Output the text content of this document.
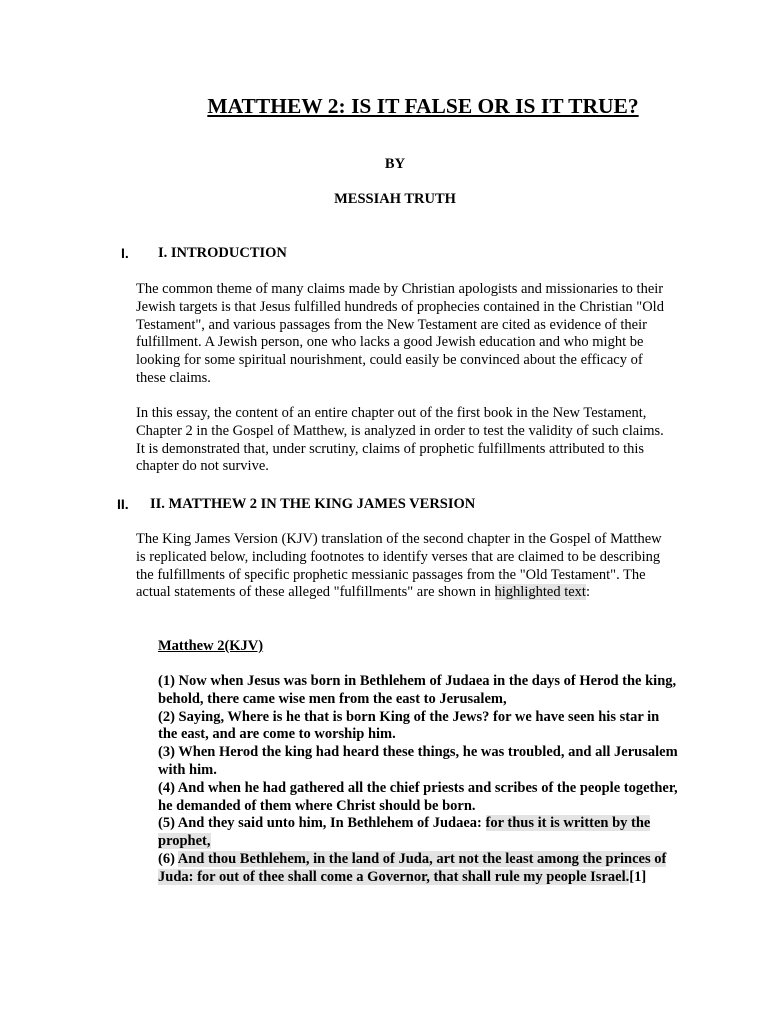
MATTHEW 2: IS IT FALSE OR IS IT TRUE?
BY
MESSIAH TRUTH
I. I. INTRODUCTION

The common theme of many claims made by Christian apologists and missionaries to their Jewish targets is that Jesus fulfilled hundreds of prophecies contained in the Christian "Old Testament", and various passages from the New Testament are cited as evidence of their fulfillment. A Jewish person, one who lacks a good Jewish education and who might be looking for some spiritual nourishment, could easily be convinced about the efficacy of these claims.

In this essay, the content of an entire chapter out of the first book in the New Testament, Chapter 2 in the Gospel of Matthew, is analyzed in order to test the validity of such claims. It is demonstrated that, under scrutiny, claims of prophetic fulfillments attributed to this chapter do not survive.

II. II. MATTHEW 2 IN THE KING JAMES VERSION

The King James Version (KJV) translation of the second chapter in the Gospel of Matthew is replicated below, including footnotes to identify verses that are claimed to be describing the fulfillments of specific prophetic messianic passages from the "Old Testament". The actual statements of these alleged "fulfillments" are shown in highlighted text:

Matthew 2(KJV)
(1) Now when Jesus was born in Bethlehem of Judaea in the days of Herod the king, behold, there came wise men from the east to Jerusalem,
(2) Saying, Where is he that is born King of the Jews? for we have seen his star in the east, and are come to worship him.
(3) When Herod the king had heard these things, he was troubled, and all Jerusalem with him.
(4) And when he had gathered all the chief priests and scribes of the people together, he demanded of them where Christ should be born.
(5) And they said unto him, In Bethlehem of Judaea: for thus it is written by the prophet,
(6) And thou Bethlehem, in the land of Juda, art not the least among the princes of Juda: for out of thee shall come a Governor, that shall rule my people Israel.[1]
